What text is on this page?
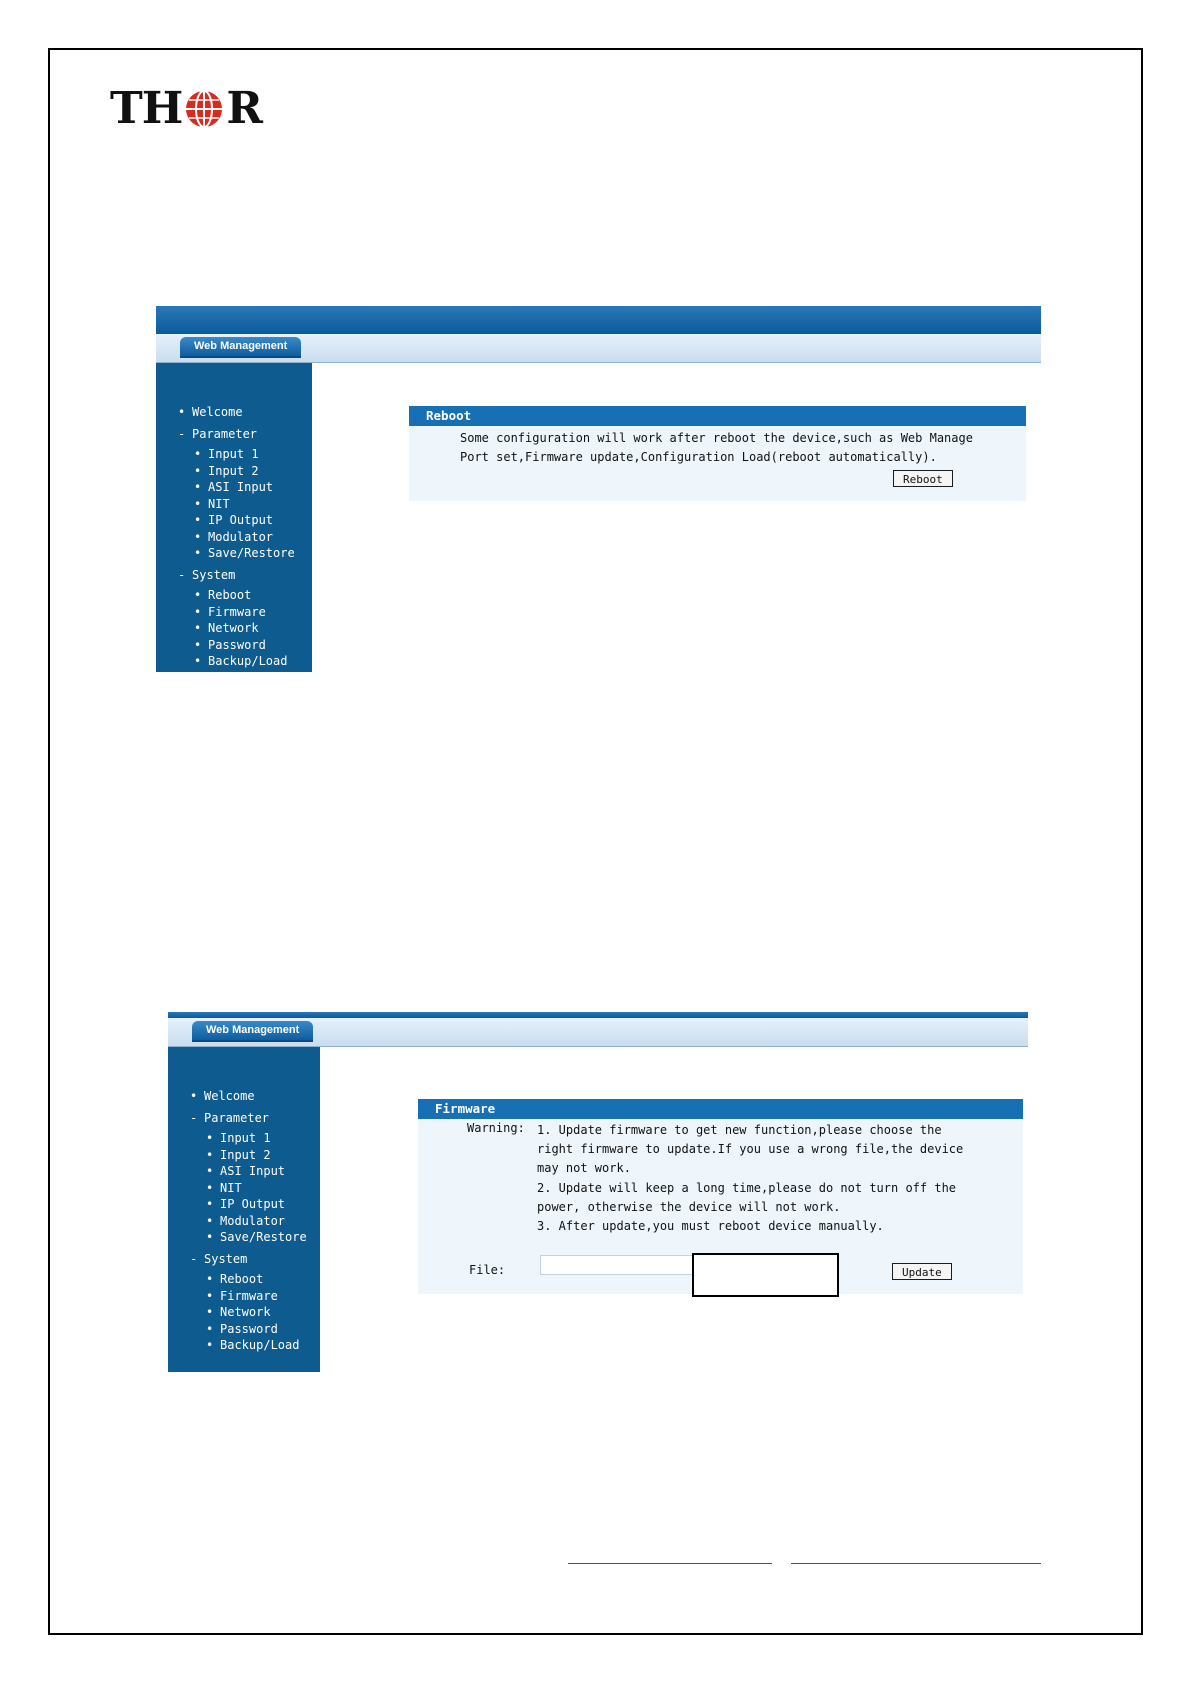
TH R
Web Management
• Welcome
- Parameter
• Input 1
• Input 2
• ASI Input
• NIT
• IP Output
• Modulator
• Save/Restore
- System
• Reboot
• Firmware
• Network
• Password
• Backup/Load
Reboot
Some configuration will work after reboot the device,such as Web Manage
Port set,Firmware update,Configuration Load(reboot automatically).
Reboot
Web Management
• Welcome
- Parameter
• Input 1
• Input 2
• ASI Input
• NIT
• IP Output
• Modulator
• Save/Restore
- System
• Reboot
• Firmware
• Network
• Password
• Backup/Load
Firmware
Warning: 1. Update firmware to get new function,please choose the
right firmware to update.If you use a wrong file,the device
may not work.
2. Update will keep a long time,please do not turn off the
power, otherwise the device will not work.
3. After update,you must reboot device manually.
File:	Update
